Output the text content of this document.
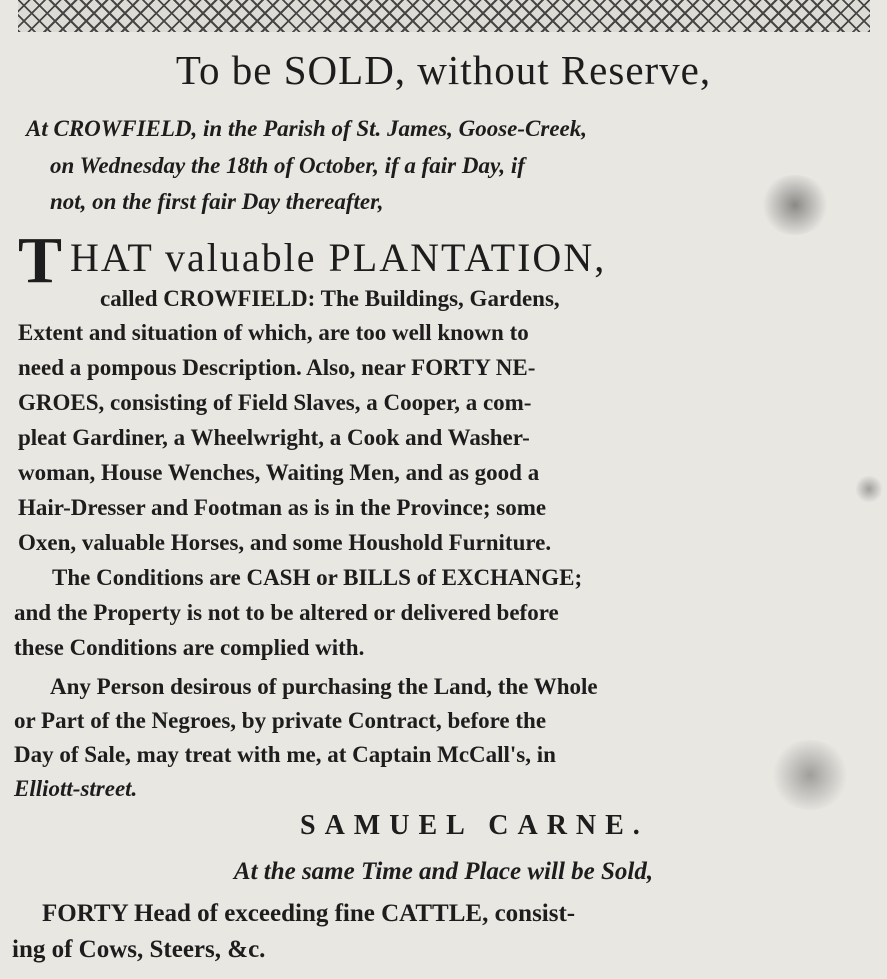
To be SOLD, without Reserve,
At CROWFIELD, in the Parish of St. James, Goose-Creek,
on Wednesday the 18th of October, if a fair Day, if
not, on the first fair Day thereafter,
T HAT valuable PLANTATION,
called CROWFIELD: The Buildings, Gardens,
Extent and situation of which, are too well known to
need a pompous Description. Also, near FORTY NE-
GROES, consisting of Field Slaves, a Cooper, a com-
pleat Gardiner, a Wheelwright, a Cook and Washer-
woman, House Wenches, Waiting Men, and as good a
Hair-Dresser and Footman as is in the Province; some
Oxen, valuable Horses, and some Houshold Furniture.
The Conditions are CASH or BILLS of EXCHANGE;
and the Property is not to be altered or delivered before
these Conditions are complied with.
Any Person desirous of purchasing the Land, the Whole
or Part of the Negroes, by private Contract, before the
Day of Sale, may treat with me, at Captain McCall's, in
Elliott-street.
SAMUEL CARNE.
At the same Time and Place will be Sold,
FORTY Head of exceeding fine CATTLE, consist-
ing of Cows, Steers, &c.
